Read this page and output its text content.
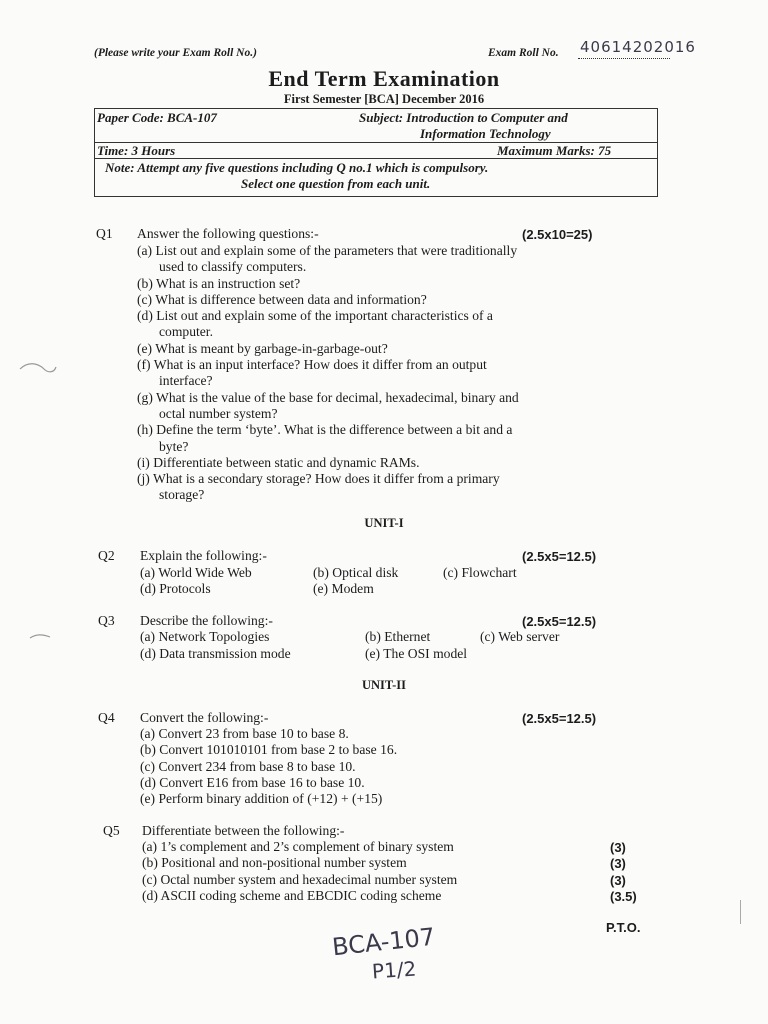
(Please write your Exam Roll No.)	Exam Roll No. 40614202016
End Term Examination
First Semester [BCA] December 2016
Paper Code: BCA-107	Subject: Introduction to Computer and
Information Technology
Time: 3 Hours	Maximum Marks: 75
Note: Attempt any five questions including Q no.1 which is compulsory.
Select one question from each unit.
Q1 Answer the following questions:-	(2.5x10=25)
(a) List out and explain some of the parameters that were traditionally
used to classify computers.
(b) What is an instruction set?
(c) What is difference between data and information?
(d) List out and explain some of the important characteristics of a
computer.
(e) What is meant by garbage-in-garbage-out?
(f) What is an input interface? How does it differ from an output
interface?
(g) What is the value of the base for decimal, hexadecimal, binary and
octal number system?
(h) Define the term ‘byte’. What is the difference between a bit and a
byte?
(i) Differentiate between static and dynamic RAMs.
(j) What is a secondary storage? How does it differ from a primary
storage?
UNIT-I
Q2 Explain the following:-	(2.5x5=12.5)
(a) World Wide Web	(b) Optical disk	(c) Flowchart
(d) Protocols	(e) Modem
Q3 Describe the following:-	(2.5x5=12.5)
(a) Network Topologies	(b) Ethernet	(c) Web server
(d) Data transmission mode	(e) The OSI model
UNIT-II
Q4 Convert the following:-	(2.5x5=12.5)
(a) Convert 23 from base 10 to base 8.
(b) Convert 101010101 from base 2 to base 16.
(c) Convert 234 from base 8 to base 10.
(d) Convert E16 from base 16 to base 10.
(e) Perform binary addition of (+12) + (+15)
Q5 Differentiate between the following:-
(a) 1’s complement and 2’s complement of binary system	(3)
(b) Positional and non-positional number system	(3)
(c) Octal number system and hexadecimal number system	(3)
(d) ASCII coding scheme and EBCDIC coding scheme	(3.5)
P.T.O.
BCA-107
P1/2
